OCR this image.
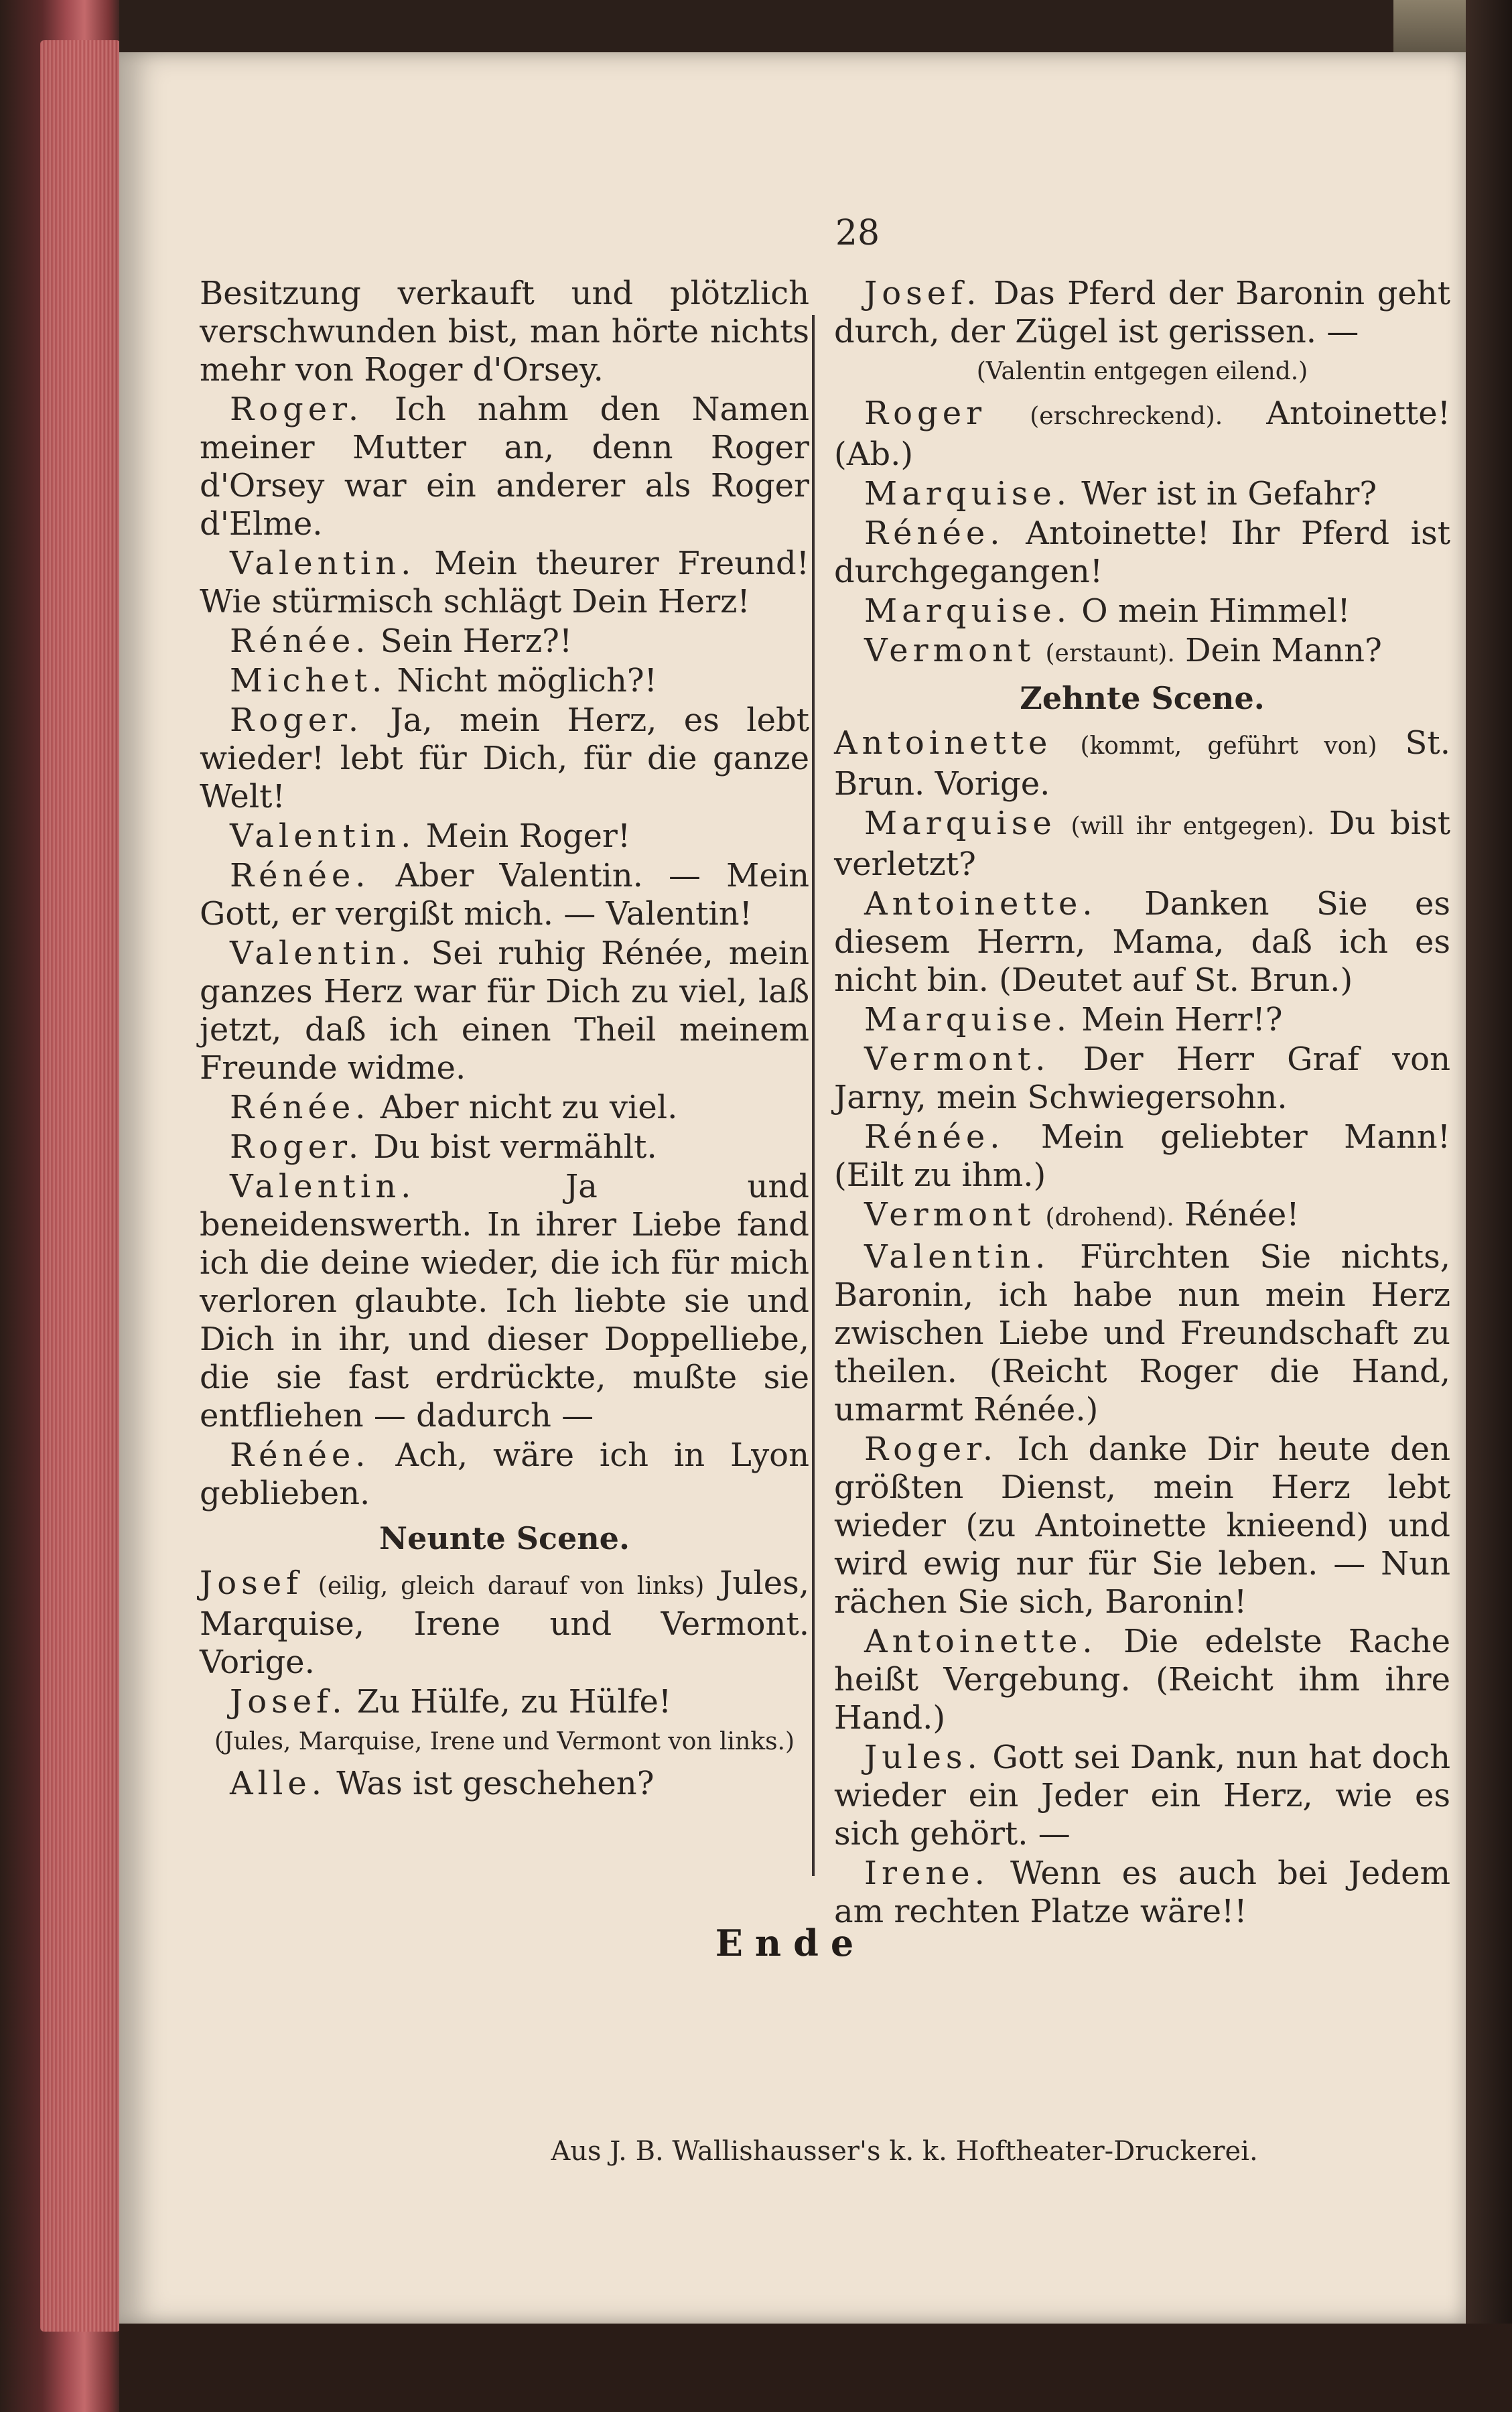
28

Besitzung verkauft und plötzlich verschwunden bist, man hörte nichts mehr von Roger d'Orsey.

Roger. Ich nahm den Namen meiner Mutter an, denn Roger d'Orsey war ein anderer als Roger d'Elme.

Valentin. Mein theurer Freund! Wie stürmisch schlägt Dein Herz!

Rénée. Sein Herz?!

Michet. Nicht möglich?!

Roger. Ja, mein Herz, es lebt wieder! lebt für Dich, für die ganze Welt!

Valentin. Mein Roger!

Rénée. Aber Valentin. — Mein Gott, er vergißt mich. — Valentin!

Valentin. Sei ruhig Rénée, mein ganzes Herz war für Dich zu viel, laß jetzt, daß ich einen Theil meinem Freunde widme.

Rénée. Aber nicht zu viel.

Roger. Du bist vermählt.

Valentin.	Ja und beneidenswerth. In ihrer Liebe fand ich die deine wieder, die ich für mich verloren glaubte. Ich liebte sie und Dich in ihr, und dieser Doppelliebe, die sie fast erdrückte, mußte sie entfliehen — dadurch —

Rénée. Ach, wäre ich in Lyon geblieben.

Neunte Scene.

Josef (eilig, gleich darauf von links) Jules, Marquise, Irene und Vermont. Vorige.

Josef. Zu Hülfe, zu Hülfe!

(Jules, Marquise, Irene und Vermont von links.)

Alle. Was ist geschehen?

Josef. Das Pferd der Baronin geht durch, der Zügel ist gerissen. —

(Valentin entgegen eilend.)

Roger (erschreckend). Antoinette! (Ab.)

Marquise. Wer ist in Gefahr?

Rénée. Antoinette! Ihr Pferd ist durchgegangen!

Marquise. O mein Himmel!

Vermont (erstaunt). Dein Mann?

Zehnte Scene.

Antoinette (kommt, geführt von) St. Brun. Vorige.

Marquise (will ihr entgegen). Du bist verletzt?

Antoinette. Danken Sie es diesem Herrn, Mama, daß ich es nicht bin. (Deutet auf St. Brun.)

Marquise. Mein Herr!?

Vermont. Der Herr Graf von Jarny, mein Schwiegersohn.

Rénée. Mein geliebter Mann! (Eilt zu ihm.)

Vermont (drohend). Rénée!

Valentin. Fürchten Sie nichts, Baronin, ich habe nun mein Herz zwischen Liebe und Freundschaft zu theilen. (Reicht Roger die Hand, umarmt Rénée.)

Roger. Ich danke Dir heute den größten Dienst, mein Herz lebt wieder (zu Antoinette knieend) und wird ewig nur für Sie leben. — Nun rächen Sie sich, Baronin!

Antoinette. Die edelste Rache heißt Vergebung. (Reicht ihm ihre Hand.)

Jules. Gott sei Dank, nun hat doch wieder ein Jeder ein Herz, wie es sich gehört. —

Irene. Wenn es auch bei Jedem am rechten Platze wäre!!

Ende
Aus J. B. Wallishausser's k. k. Hoftheater-Druckerei.
